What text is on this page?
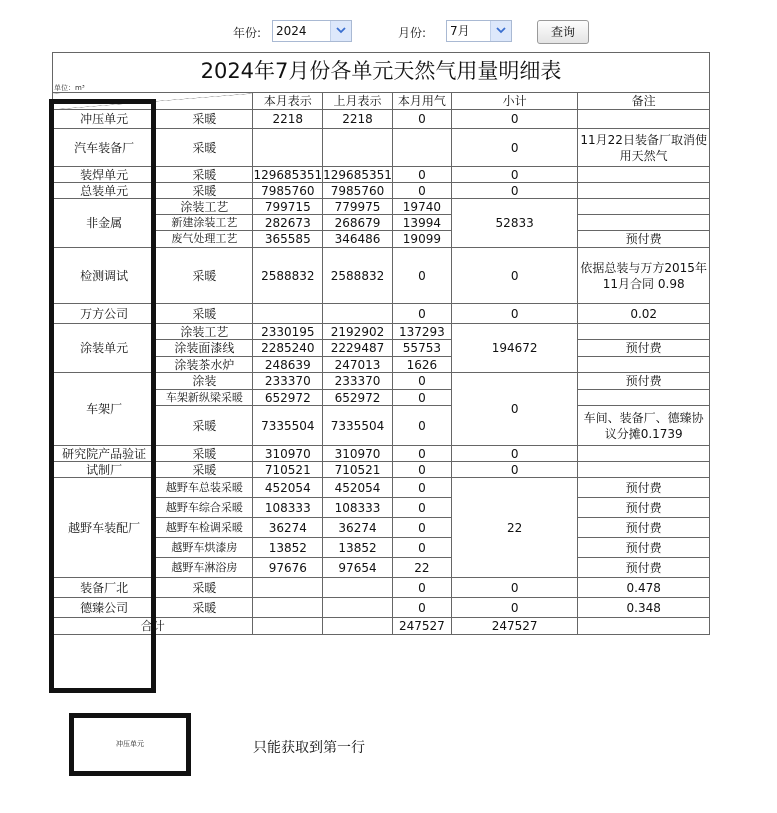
年份:	2024	月份:	7月	查询
2024年7月份各单元天然气用量明细表
单位：m³
		本月表示	上月表示	本月用气	小计	备注
冲压单元	采暖	2218	2218	0	0	
汽车装备厂	采暖				0	11月22日装备厂取消使用天然气
装焊单元	采暖	129685351	129685351	0	0	
总装单元	采暖	7985760	7985760	0	0	
非金属	涂装工艺	799715	779975	19740	52833	
	新建涂装工艺	282673	268679	13994		
	废气处理工艺	365585	346486	19099		预付费
检测调试	采暖	2588832	2588832	0	0	依据总装与万方2015年11月合同 0.98
万方公司	采暖			0	0	0.02
涂装单元	涂装工艺	2330195	2192902	137293	194672	
	涂装面漆线	2285240	2229487	55753		预付费
	涂装茶水炉	248639	247013	1626		
车架厂	涂装	233370	233370	0	0	预付费
	车架新纵梁采暖	652972	652972	0		
	采暖	7335504	7335504	0		车间、装备厂、德臻协议分摊0.1739
研究院产品验证	采暖	310970	310970	0	0	
试制厂	采暖	710521	710521	0	0	
越野车装配厂	越野车总装采暖	452054	452054	0	22	预付费
	越野车综合采暖	108333	108333	0		预付费
	越野车检调采暖	36274	36274	0		预付费
	越野车烘漆房	13852	13852	0		预付费
	越野车淋浴房	97676	97654	22		预付费
装备厂北	采暖			0	0	0.478
德臻公司	采暖			0	0	0.348
合计				247527	247527	
冲压单元	只能获取到第一行
